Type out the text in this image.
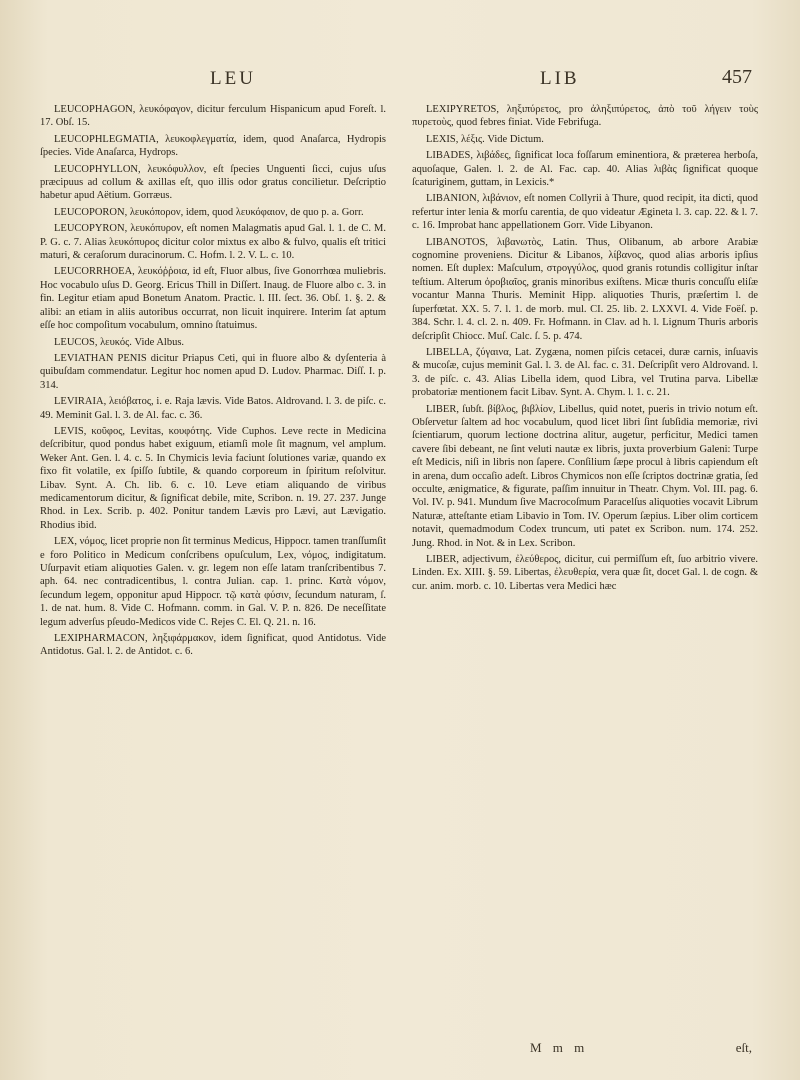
LEU	LIB	457

LEUCOPHAGON, λευκόφαγον, dicitur ferculum Hispanicum apud Foreſt. l. 17. Obſ. 15.

LEUCOPHLEGMATIA, λευκοφλεγματία, idem, quod Anaſarca, Hydropis ſpecies. Vide Anaſarca, Hydrops.

LEUCOPHYLLON, λευκόφυλλον, eſt ſpecies Unguenti ſicci, cujus uſus præcipuus ad collum & axillas eſt, quo illis odor gratus concilietur. Deſcriptio habetur apud Aëtium. Gorræus.

LEUCOPORON, λευκόπορον, idem, quod λευκόφαιον, de quo p. a. Gorr.

LEUCOPYRON, λευκόπυρον, eſt nomen Malagmatis apud Gal. l. 1. de C. M. P. G. c. 7. Alias λευκόπυρος dicitur color mixtus ex albo & fulvo, qualis eſt tritici maturi, & ceraſorum duracinorum. C. Hofm. l. 2. V. L. c. 10.

LEUCORRHOEA, λευκόῤῥοια, id eſt, Fluor albus, ſive Gonorrhœa muliebris. Hoc vocabulo uſus D. Georg. Ericus Thill in Diſſert. Inaug. de Fluore albo c. 3. in fin. Legitur etiam apud Bonetum Anatom. Practic. l. III. ſect. 36. Obſ. 1. §. 2. & alibi: an etiam in aliis autoribus occurrat, non licuit inquirere. Interim ſat aptum eſſe hoc compoſitum vocabulum, omnino ſtatuimus.

LEUCOS, λευκός. Vide Albus.

LEVIATHAN PENIS dicitur Priapus Ceti, qui in fluore albo & dyſenteria à quibuſdam commendatur. Legitur hoc nomen apud D. Ludov. Pharmac. Diſſ. I. p. 314.

LEVIRAIA, λειόβατος, i. e. Raja lævis. Vide Batos. Aldrovand. l. 3. de piſc. c. 49. Meminit Gal. l. 3. de Al. fac. c. 36.

LEVIS, κοῦφος, Levitas, κουφότης. Vide Cuphos. Leve recte in Medicina deſcribitur, quod pondus habet exiguum, etiamſi mole ſit magnum, vel amplum. Weker Ant. Gen. l. 4. c. 5. In Chymicis levia faciunt ſolutiones variæ, quando ex fixo fit volatile, ex ſpiſſo ſubtile, & quando corporeum in ſpiritum reſolvitur. Libav. Synt. A. Ch. lib. 6. c. 10. Leve etiam aliquando de viribus medicamentorum dicitur, & ſignificat debile, mite, Scribon. n. 19. 27. 237. Junge Rhod. in Lex. Scrib. p. 402. Ponitur tandem Lævis pro Lævi, aut Lævigatio. Rhodius ibid.

LEX, νόμος, licet proprie non ſit terminus Medicus, Hippocr. tamen tranſſumſit e foro Politico in Medicum conſcribens opuſculum, Lex, νόμος, indigitatum. Uſurpavit etiam aliquoties Galen. v. gr. legem non eſſe latam tranſcribentibus 7. aph. 64. nec contradicentibus, l. contra Julian. cap. 1. princ. Κατὰ νόμον, ſecundum legem, opponitur apud Hippocr. τῷ κατὰ φύσιν, ſecundum naturam, ſ. 1. de nat. hum. 8. Vide C. Hofmann. comm. in Gal. V. P. n. 826. De neceſſitate legum adverſus pſeudo-Medicos vide C. Rejes C. El. Q. 21. n. 16.

LEXIPHARMACON, ληξιφάρμακον, idem ſignificat, quod Antidotus. Vide Antidotus. Gal. l. 2. de Antidot. c. 6.

LEXIPYRETOS, ληξιπύρετος, pro ἀληξιπύρετος, ἀπὸ τοῦ λήγειν τοὺς πυρετοὺς, quod febres finiat. Vide Febrifuga.

LEXIS, λέξις. Vide Dictum.

LIBADES, λιβάδες, ſignificat loca foſſarum eminentiora, & præterea herboſa, aquoſaque, Galen. l. 2. de Al. Fac. cap. 40. Alias λιβὰς ſignificat quoque ſcaturiginem, guttam, in Lexicis.*

LIBANION, λιβάνιον, eſt nomen Collyrii à Thure, quod recipit, ita dicti, quod refertur inter lenia & morſu carentia, de quo videatur Ægineta l. 3. cap. 22. & l. 7. c. 16. Improbat hanc appellationem Gorr. Vide Libyanon.

LIBANOTOS, λιβανωτὸς, Latin. Thus, Olibanum, ab arbore Arabiæ cognomine proveniens. Dicitur & Libanos, λίβανος, quod alias arboris ipſius nomen. Eſt duplex: Maſculum, στρογγύλος, quod granis rotundis colligitur inſtar teſtium. Alterum ὀροβιαῖος, granis minoribus exiſtens. Micæ thuris concuſſu eliſæ vocantur Manna Thuris. Meminit Hipp. aliquoties Thuris, præſertim l. de ſuperfœtat. XX. 5. 7. l. 1. de morb. mul. CI. 25. lib. 2. LXXVI. 4. Vide Foëſ. p. 384. Schr. l. 4. cl. 2. n. 409. Fr. Hofmann. in Clav. ad h. l. Lignum Thuris arboris deſcripſit Chiocc. Muſ. Calc. ſ. 5. p. 474.

LIBELLA, ζύγαινα, Lat. Zygæna, nomen piſcis cetacei, duræ carnis, inſuavis & mucoſæ, cujus meminit Gal. l. 3. de Al. fac. c. 31. Deſcripſit vero Aldrovand. l. 3. de piſc. c. 43. Alias Libella idem, quod Libra, vel Trutina parva. Libellæ probatoriæ mentionem facit Libav. Synt. A. Chym. l. 1. c. 21.

LIBER, ſubſt. βίβλος, βιβλίον, Libellus, quid notet, pueris in trivio notum eſt. Obſervetur ſaltem ad hoc vocabulum, quod licet libri ſint ſubſidia memoriæ, rivi ſcientiarum, quorum lectione doctrina alitur, augetur, perficitur, Medici tamen cavere ſibi debeant, ne ſint veluti nautæ ex libris, juxta proverbium Galeni: Turpe eſt Medicis, niſi in libris non ſapere. Conſilium ſæpe procul à libris capiendum eſt in arena, dum occaſio adeſt. Libros Chymicos non eſſe ſcriptos doctrinæ gratia, ſed occulte, ænigmatice, & figurate, paſſim innuitur in Theatr. Chym. Vol. III. pag. 6. Vol. IV. p. 941. Mundum ſive Macrocoſmum Paracelſus aliquoties vocavit Librum Naturæ, atteſtante etiam Libavio in Tom. IV. Operum ſæpius. Liber olim corticem notavit, quemadmodum Codex truncum, uti patet ex Scribon. num. 174. 252. Jung. Rhod. in Not. & in Lex. Scribon.

LIBER, adjectivum, ἐλεύθερος, dicitur, cui permiſſum eſt, ſuo arbitrio vivere. Linden. Ex. XIII. §. 59. Libertas, ἐλευθερία, vera quæ ſit, docet Gal. l. de cogn. & cur. anim. morb. c. 10. Libertas vera Medici hæc

M m m	eſt,
